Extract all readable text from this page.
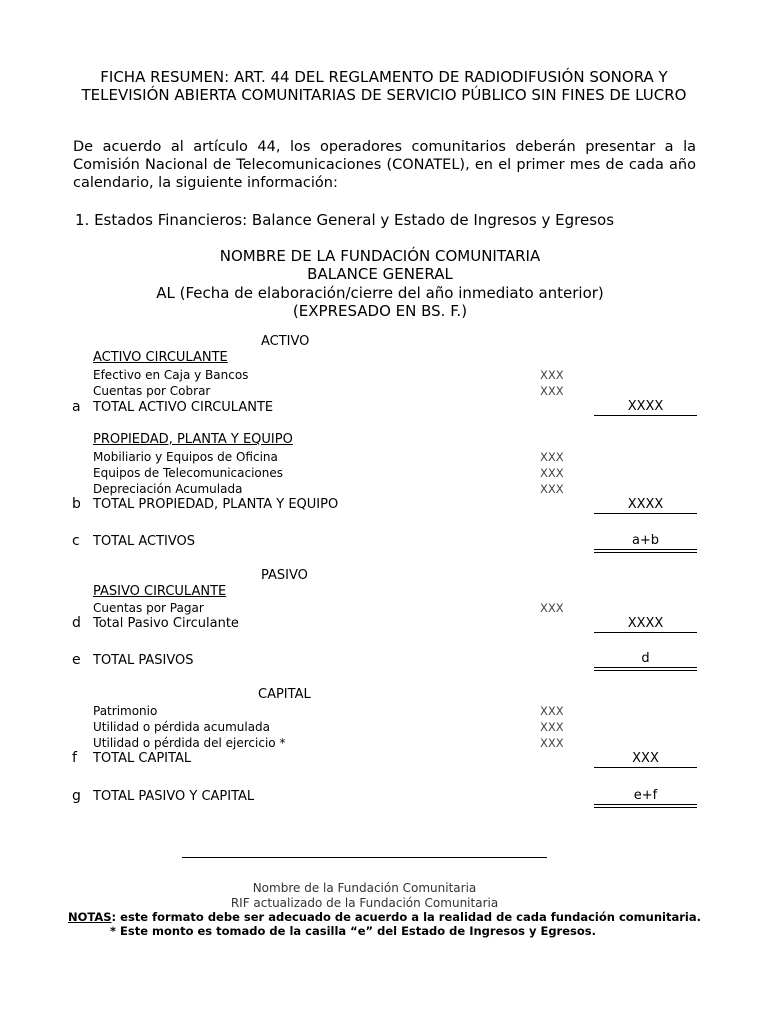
FICHA RESUMEN: ART. 44 DEL REGLAMENTO DE RADIODIFUSIÓN SONORA Y TELEVISIÓN ABIERTA COMUNITARIAS DE SERVICIO PÚBLICO SIN FINES DE LUCRO
De acuerdo al artículo 44, los operadores comunitarios deberán presentar a la Comisión Nacional de Telecomunicaciones (CONATEL), en el primer mes de cada año calendario, la siguiente información:
1. Estados Financieros: Balance General y Estado de Ingresos y Egresos
NOMBRE DE LA FUNDACIÓN COMUNITARIA
BALANCE GENERAL
AL (Fecha de elaboración/cierre del año inmediato anterior)
(EXPRESADO EN BS. F.)
ACTIVO
ACTIVO CIRCULANTE
Efectivo en Caja y Bancos	XXX
Cuentas por Cobrar	XXX
a TOTAL ACTIVO CIRCULANTE	XXXX
PROPIEDAD, PLANTA Y EQUIPO
Mobiliario y Equipos de Oficina	XXX
Equipos de Telecomunicaciones	XXX
Depreciación Acumulada	XXX
b TOTAL PROPIEDAD, PLANTA Y EQUIPO	XXXX
c TOTAL ACTIVOS	a+b
PASIVO
PASIVO CIRCULANTE
Cuentas por Pagar	XXX
d Total Pasivo Circulante	XXXX
e TOTAL PASIVOS	d
CAPITAL
Patrimonio	XXX
Utilidad o pérdida acumulada	XXX
Utilidad o pérdida del ejercicio *	XXX
f TOTAL CAPITAL	XXX
g TOTAL PASIVO Y CAPITAL	e+f
Nombre de la Fundación Comunitaria
RIF actualizado de la Fundación Comunitaria
NOTAS: este formato debe ser adecuado de acuerdo a la realidad de cada fundación comunitaria.
* Este monto es tomado de la casilla “e” del Estado de Ingresos y Egresos.
